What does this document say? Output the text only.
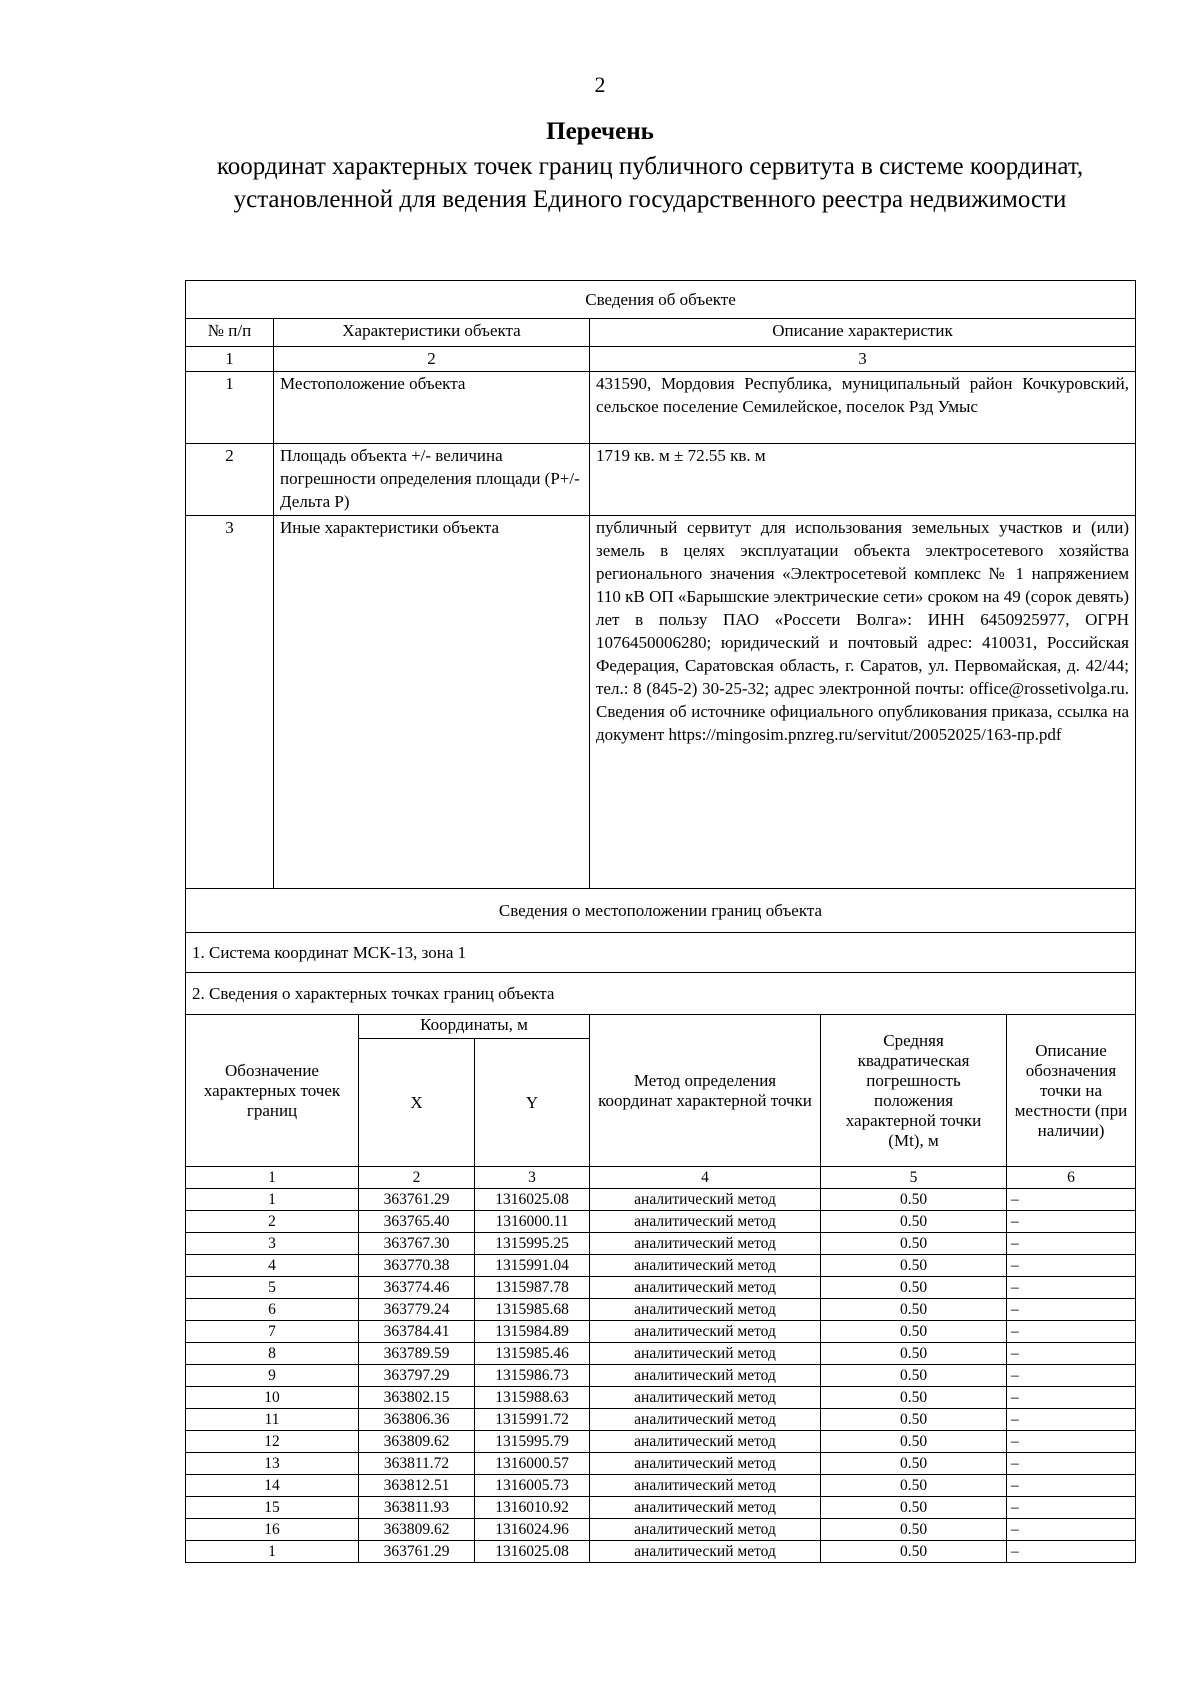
2
Перечень
координат характерных точек границ публичного сервитута в системе координат, установленной для ведения Единого государственного реестра недвижимости
Сведения об объекте		
№ п/п	Характеристики объекта	Описание характеристик
1	2	3
1	Местоположение объекта	431590, Мордовия Республика, муниципальный район Кочкуровский, сельское поселение Семилейское, поселок Рзд Умыс
2	Площадь объекта +/- величина погрешности определения площади (Р+/- Дельта Р)	1719 кв. м ± 72.55 кв. м
3	Иные характеристики объекта	публичный сервитут для использования земельных участков и (или) земель в целях эксплуатации объекта электросетевого хозяйства регионального значения «Электросетевой комплекс № 1 напряжением 110 кВ ОП «Барышские электрические сети» сроком на 49 (сорок девять) лет в пользу ПАО «Россети Волга»: ИНН 6450925977, ОГРН 1076450006280; юридический и почтовый адрес: 410031, Российская Федерация, Саратовская область, г. Саратов, ул. Первомайская, д. 42/44; тел.: 8 (845-2) 30-25-32; адрес электронной почты: office@rossetivolga.ru. Сведения об источнике официального опубликования приказа, ссылка на документ https://mingosim.pnzreg.ru/servitut/20052025/163-пр.pdf
Сведения о местоположении границ объекта		
1. Система координат МСК-13, зона 1		
2. Сведения о характерных точках границ объекта		
Обозначение характерных точек границ	Координаты, м		Метод определения координат характерной точки	Средняя квадратическая погрешность положения характерной точки (Mt), м	Описание обозначения точки на местности (при наличии)
	X	Y			
1	2	3	4	5	6
1	363761.29	1316025.08	аналитический метод	0.50	–
2	363765.40	1316000.11	аналитический метод	0.50	–
3	363767.30	1315995.25	аналитический метод	0.50	–
4	363770.38	1315991.04	аналитический метод	0.50	–
5	363774.46	1315987.78	аналитический метод	0.50	–
6	363779.24	1315985.68	аналитический метод	0.50	–
7	363784.41	1315984.89	аналитический метод	0.50	–
8	363789.59	1315985.46	аналитический метод	0.50	–
9	363797.29	1315986.73	аналитический метод	0.50	–
10	363802.15	1315988.63	аналитический метод	0.50	–
11	363806.36	1315991.72	аналитический метод	0.50	–
12	363809.62	1315995.79	аналитический метод	0.50	–
13	363811.72	1316000.57	аналитический метод	0.50	–
14	363812.51	1316005.73	аналитический метод	0.50	–
15	363811.93	1316010.92	аналитический метод	0.50	–
16	363809.62	1316024.96	аналитический метод	0.50	–
1	363761.29	1316025.08	аналитический метод	0.50	–
